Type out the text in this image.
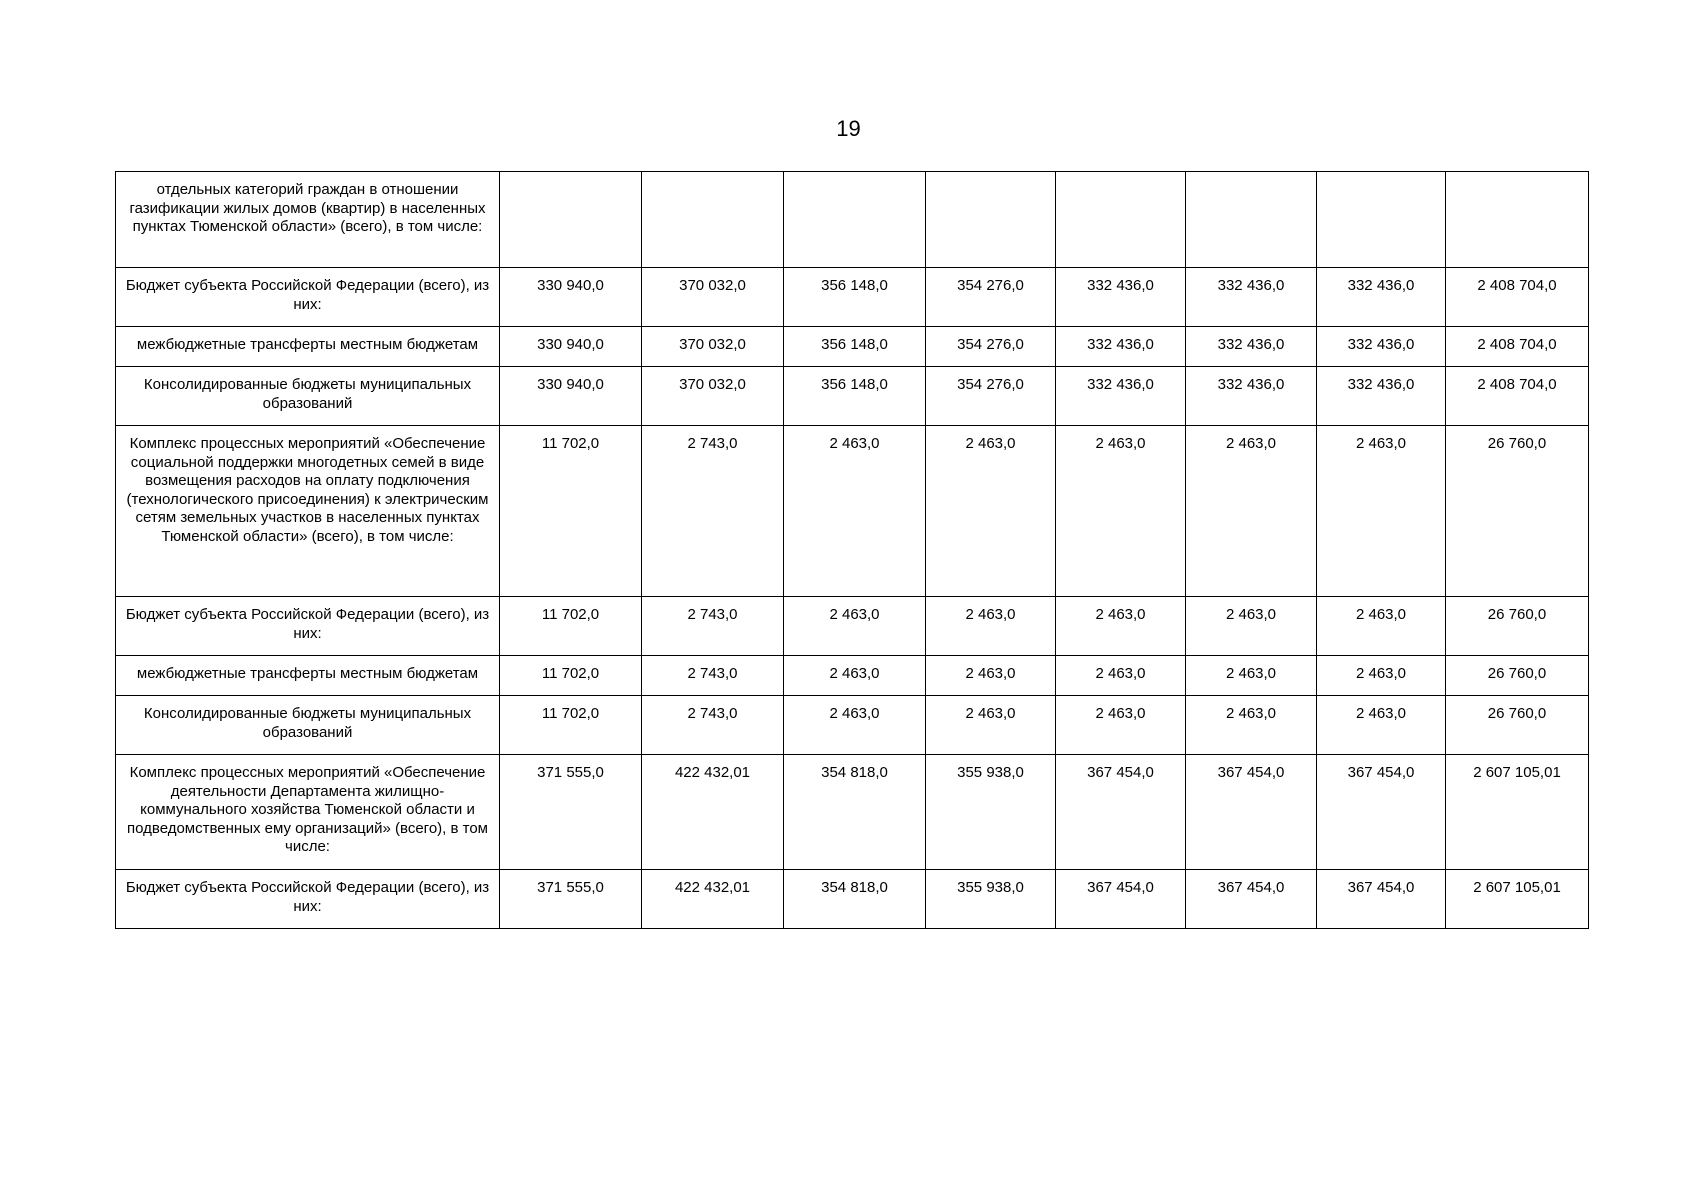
19
отдельных категорий граждан в отношении газификации жилых домов (квартир) в населенных пунктах Тюменской области» (всего), в том числе:								
Бюджет субъекта Российской Федерации (всего), из них:	330 940,0	370 032,0	356 148,0	354 276,0	332 436,0	332 436,0	332 436,0	2 408 704,0
межбюджетные трансферты местным бюджетам	330 940,0	370 032,0	356 148,0	354 276,0	332 436,0	332 436,0	332 436,0	2 408 704,0
Консолидированные бюджеты муниципальных образований	330 940,0	370 032,0	356 148,0	354 276,0	332 436,0	332 436,0	332 436,0	2 408 704,0
Комплекс процессных мероприятий «Обеспечение социальной поддержки многодетных семей в виде возмещения расходов на оплату подключения (технологического присоединения) к электрическим сетям земельных участков в населенных пунктах Тюменской области» (всего), в том числе:	11 702,0	2 743,0	2 463,0	2 463,0	2 463,0	2 463,0	2 463,0	26 760,0
Бюджет субъекта Российской Федерации (всего), из них:	11 702,0	2 743,0	2 463,0	2 463,0	2 463,0	2 463,0	2 463,0	26 760,0
межбюджетные трансферты местным бюджетам	11 702,0	2 743,0	2 463,0	2 463,0	2 463,0	2 463,0	2 463,0	26 760,0
Консолидированные бюджеты муниципальных образований	11 702,0	2 743,0	2 463,0	2 463,0	2 463,0	2 463,0	2 463,0	26 760,0
Комплекс процессных мероприятий «Обеспечение деятельности Департамента жилищно-коммунального хозяйства Тюменской области и подведомственных ему организаций» (всего), в том числе:	371 555,0	422 432,01	354 818,0	355 938,0	367 454,0	367 454,0	367 454,0	2 607 105,01
Бюджет субъекта Российской Федерации (всего), из них:	371 555,0	422 432,01	354 818,0	355 938,0	367 454,0	367 454,0	367 454,0	2 607 105,01
